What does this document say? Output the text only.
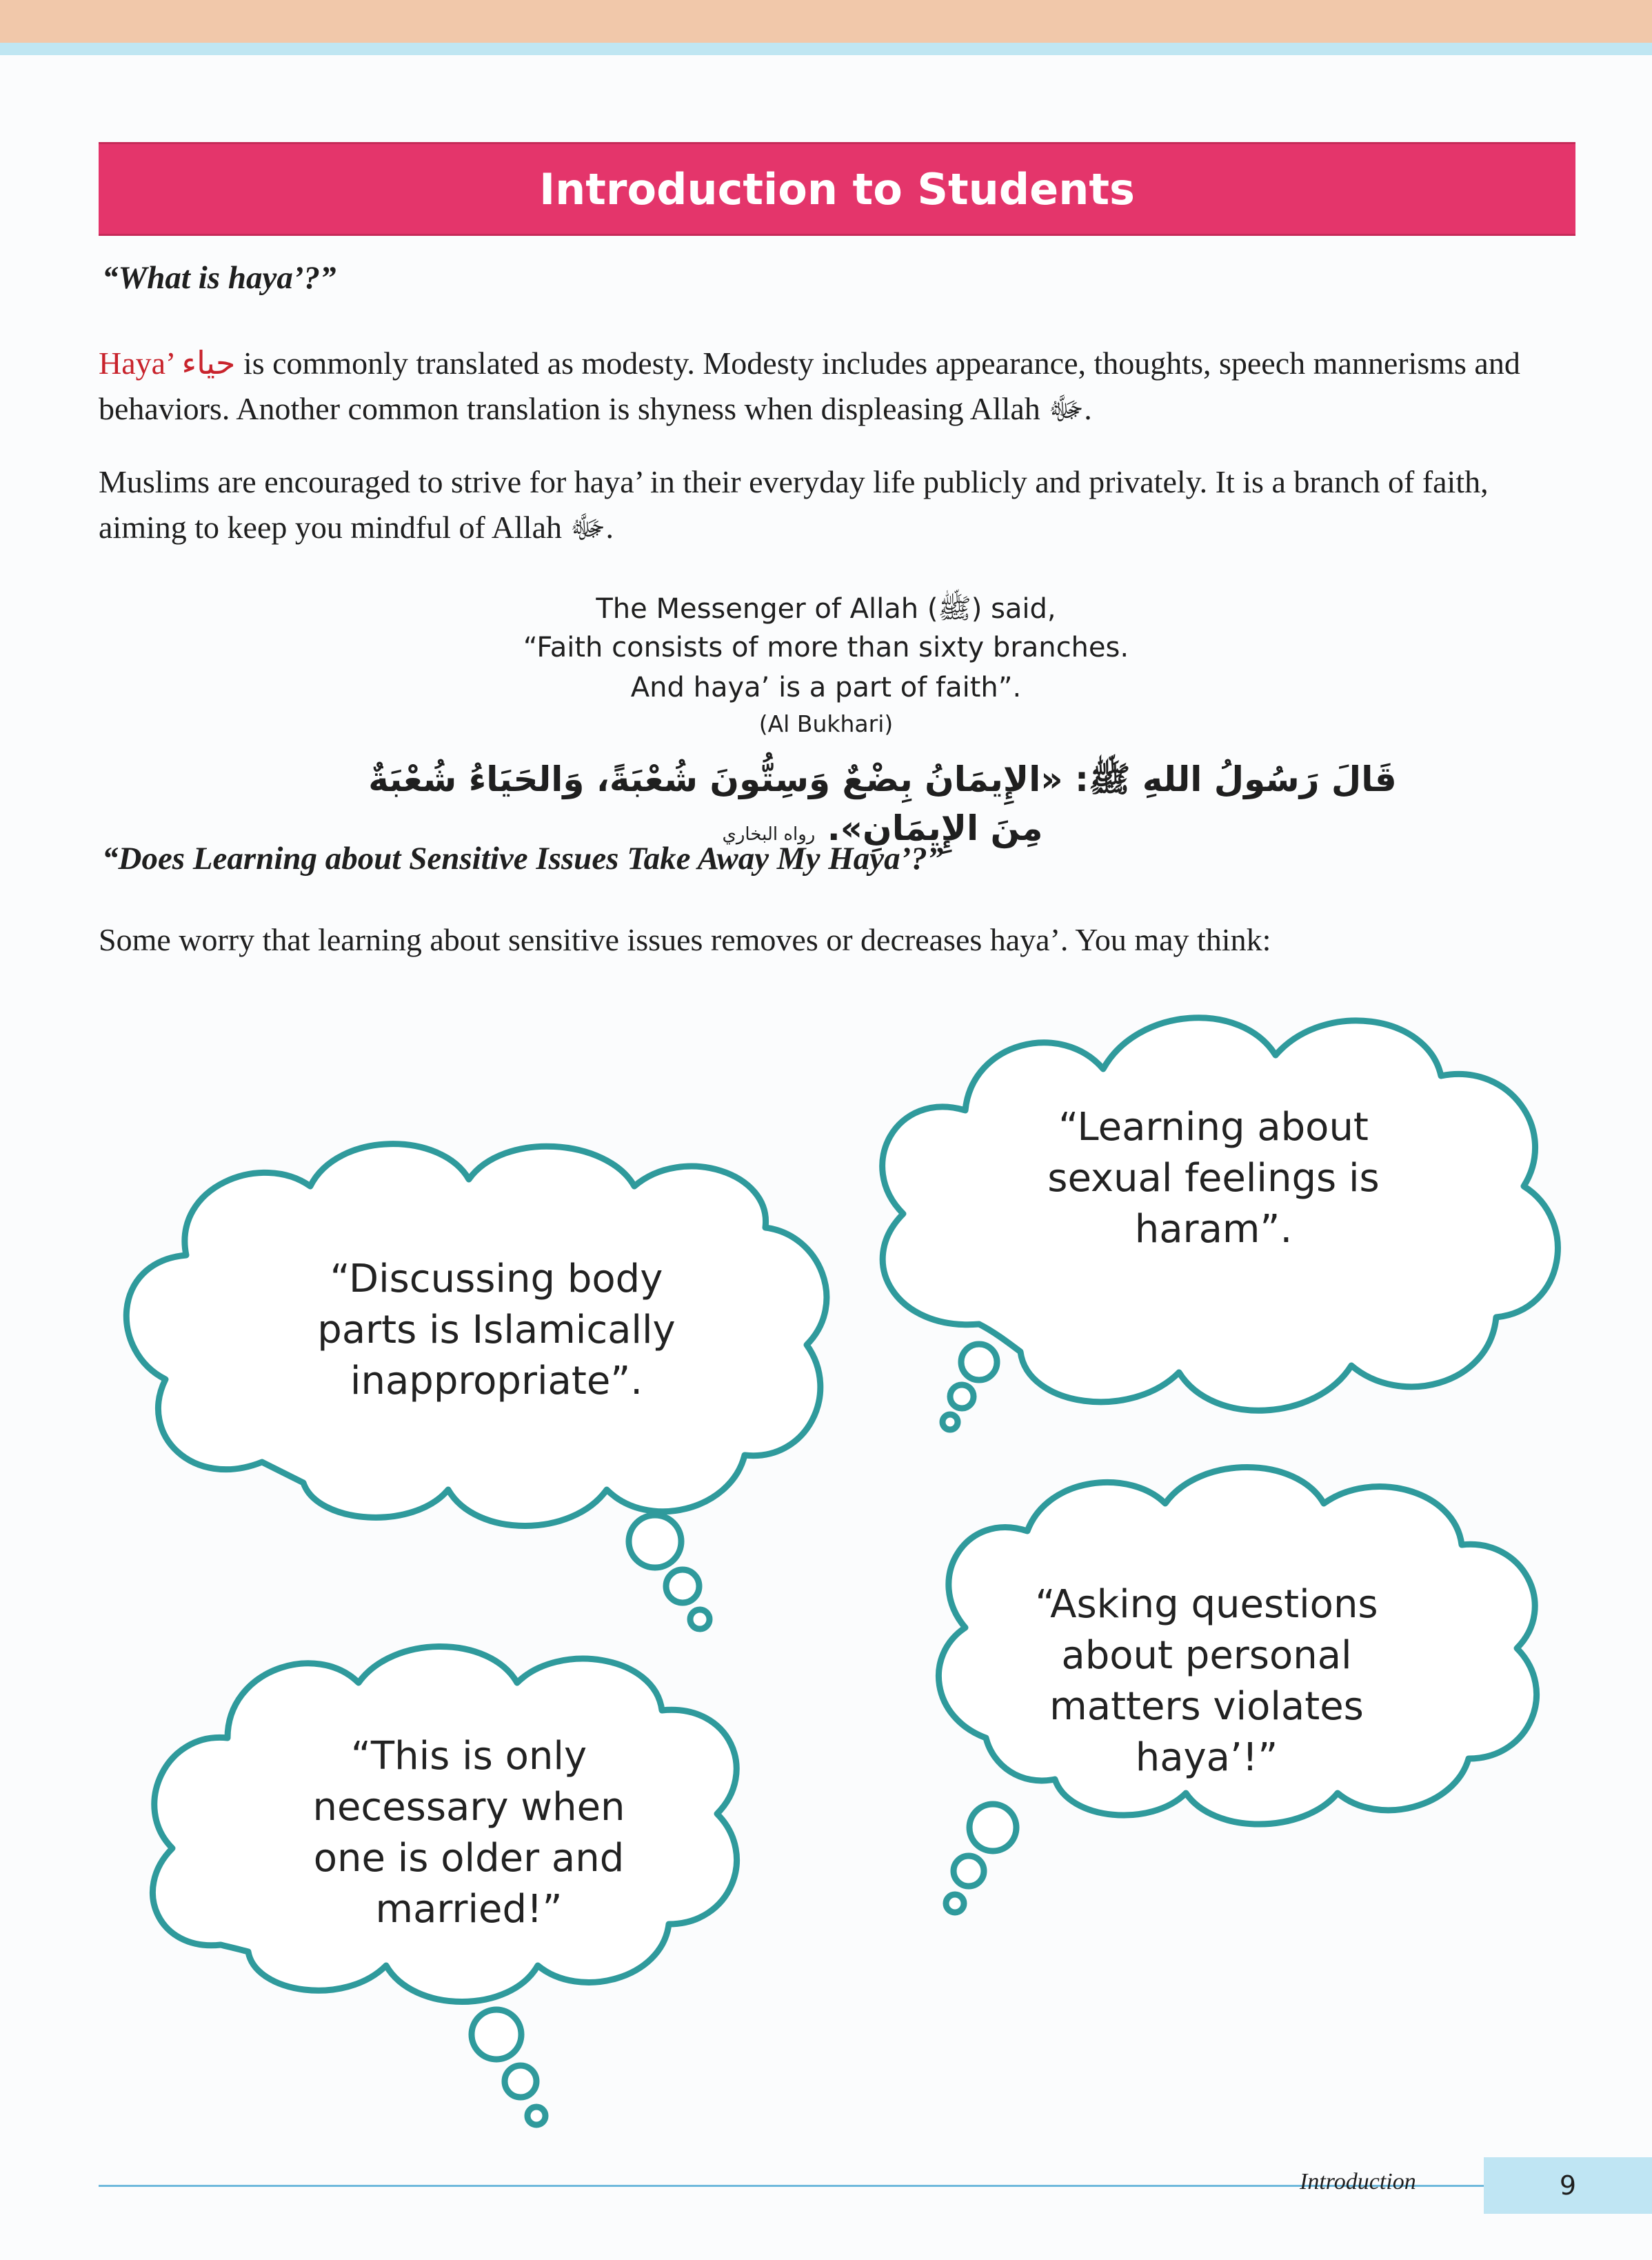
Introduction to Students
“What is haya’?”
Haya’ حياء is commonly translated as modesty. Modesty includes appearance, thoughts, speech mannerisms and behaviors. Another common translation is shyness when displeasing Allah ﷻ.
Muslims are encouraged to strive for haya’ in their everyday life publicly and privately. It is a branch of faith, aiming to keep you mindful of Allah ﷻ.
The Messenger of Allah (ﷺ) said,
“Faith consists of more than sixty branches.
And haya’ is a part of faith”.
(Al Bukhari)
قَالَ رَسُولُ اللهِ ﷺ: «الإِيمَانُ بِضْعٌ وَسِتُّونَ شُعْبَةً، وَالحَيَاءُ شُعْبَةٌ مِنَ الإِيمَانِ». رواه البخاري
“Does Learning about Sensitive Issues Take Away My Haya’?”
Some worry that learning about sensitive issues removes or decreases haya’. You may think:
“Learning about sexual feelings is haram”.
“Discussing body parts is Islamically inappropriate”.
“Asking questions about personal matters violates haya’!”
“This is only necessary when one is older and married!”
Introduction	9
